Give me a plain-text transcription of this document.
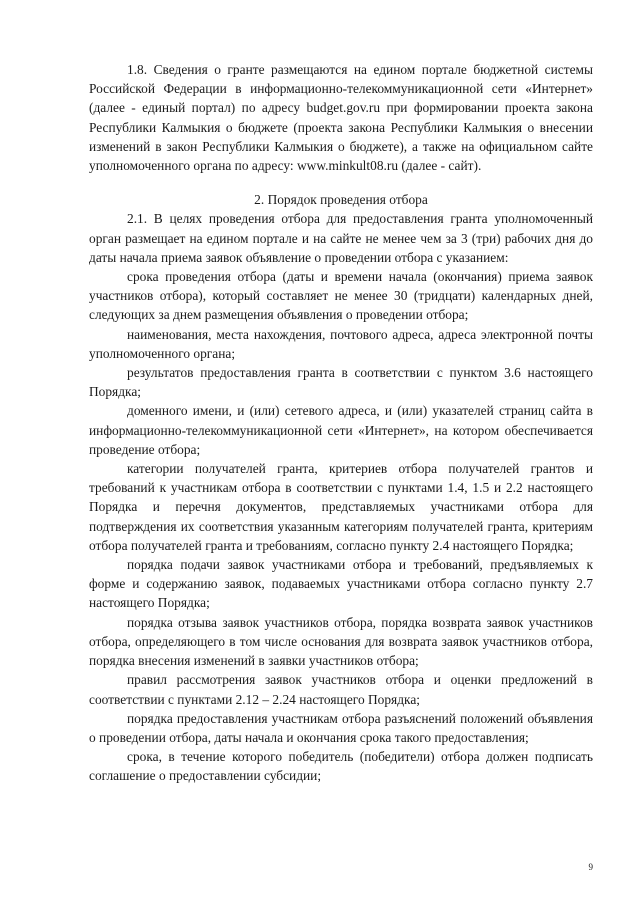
1.8. Сведения о гранте размещаются на едином портале бюджетной системы Российской Федерации в информационно-телекоммуникационной сети «Интернет» (далее - единый портал) по адресу budget.gov.ru при формировании проекта закона Республики Калмыкия о бюджете (проекта закона Республики Калмыкия о внесении изменений в закон Республики Калмыкия о бюджете), а также на официальном сайте уполномоченного органа по адресу: www.minkult08.ru (далее - сайт).

2. Порядок проведения отбора

2.1. В целях проведения отбора для предоставления гранта уполномоченный орган размещает на едином портале и на сайте не менее чем за 3 (три) рабочих дня до даты начала приема заявок объявление о проведении отбора с указанием:

срока проведения отбора (даты и времени начала (окончания) приема заявок участников отбора), который составляет не менее 30 (тридцати) календарных дней, следующих за днем размещения объявления о проведении отбора;

наименования, места нахождения, почтового адреса, адреса электронной почты уполномоченного органа;

результатов предоставления гранта в соответствии с пунктом 3.6 настоящего Порядка;

доменного имени, и (или) сетевого адреса, и (или) указателей страниц сайта в информационно-телекоммуникационной сети «Интернет», на котором обеспечивается проведение отбора;

категории получателей гранта, критериев отбора получателей грантов и требований к участникам отбора в соответствии с пунктами 1.4, 1.5 и 2.2 настоящего Порядка и перечня документов, представляемых участниками отбора для подтверждения их соответствия указанным категориям получателей гранта, критериям отбора получателей гранта и требованиям, согласно пункту 2.4 настоящего Порядка;

порядка подачи заявок участниками отбора и требований, предъявляемых к форме и содержанию заявок, подаваемых участниками отбора согласно пункту 2.7 настоящего Порядка;

порядка отзыва заявок участников отбора, порядка возврата заявок участников отбора, определяющего в том числе основания для возврата заявок участников отбора, порядка внесения изменений в заявки участников отбора;

правил рассмотрения заявок участников отбора и оценки предложений в соответствии с пунктами 2.12 – 2.24 настоящего Порядка;

порядка предоставления участникам отбора разъяснений положений объявления о проведении отбора, даты начала и окончания срока такого предоставления;

срока, в течение которого победитель (победители) отбора должен подписать соглашение о предоставлении субсидии;

9
